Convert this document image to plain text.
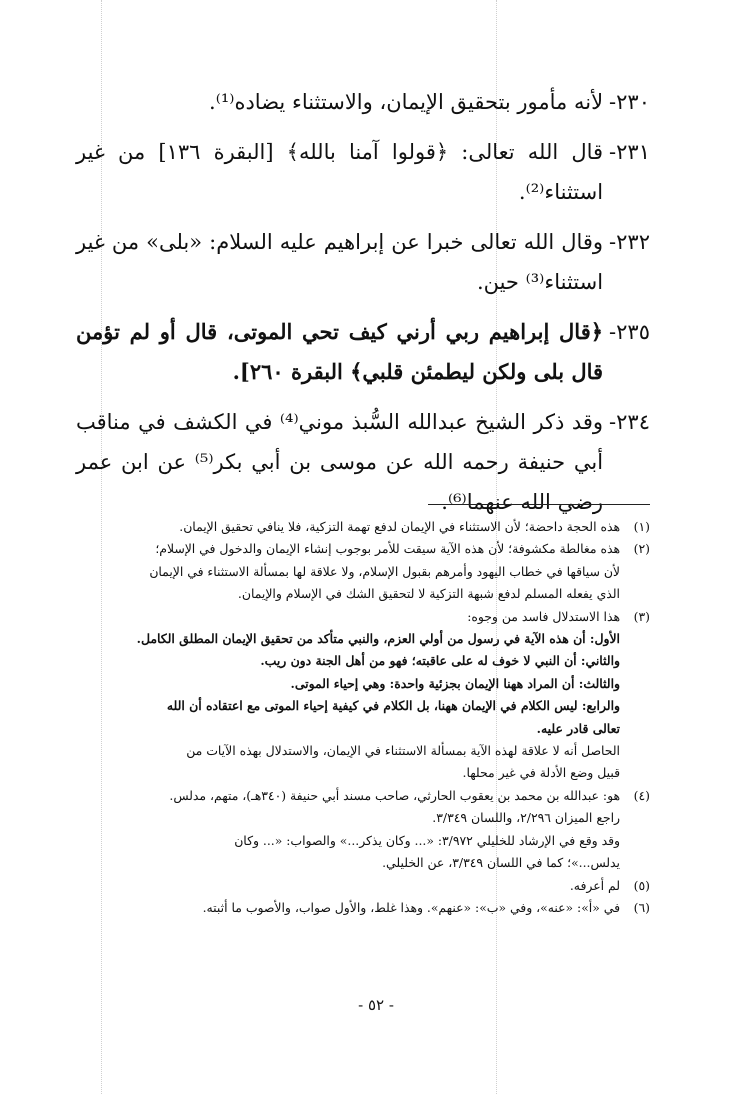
٢٣٠-
لأنه مأمور بتحقيق الإيمان، والاستثناء يضاده⁽¹⁾.
٢٣١-
قال الله تعالى: ﴿قولوا آمنا بالله﴾ [البقرة ١٣٦] من غير استثناء⁽²⁾.
٢٣٢-
وقال الله تعالى خبرا عن إبراهيم عليه السلام: «بلى» من غير استثناء⁽³⁾ حين.
٢٣٥-
﴿قال إبراهيم ربي أرني كيف تحي الموتى، قال أو لم تؤمن قال بلى ولكن ليطمئن قلبي﴾ البقرة ٢٦٠].
٢٣٤-
وقد ذكر الشيخ عبدالله السُّبذ موني⁽⁴⁾ في الكشف في مناقب أبي حنيفة رحمه الله عن موسى بن أبي بكر⁽⁵⁾ عن ابن عمر رضي الله عنهما⁽⁶⁾.
(١)
هذه الحجة داحضة؛ لأن الاستثناء في الإيمان لدفع تهمة التزكية، فلا ينافي تحقيق الإيمان.
(٢)
هذه مغالطة مكشوفة؛ لأن هذه الآية سيقت للأمر بوجوب إنشاء الإيمان والدخول في الإسلام؛
لأن سياقها في خطاب اليهود وأمرهم بقبول الإسلام، ولا علاقة لها بمسألة الاستثناء في الإيمان
الذي يفعله المسلم لدفع شبهة التزكية لا لتحقيق الشك في الإسلام والإيمان.
(٣)
هذا الاستدلال فاسد من وجوه:
الأول: أن هذه الآية في رسول من أولي العزم، والنبي متأكد من تحقيق الإيمان المطلق الكامل.
والثاني: أن النبي لا خوف له على عاقبته؛ فهو من أهل الجنة دون ريب.
والثالث: أن المراد ههنا الإيمان بجزئية واحدة: وهي إحياء الموتى.
والرابع: ليس الكلام في الإيمان ههنا، بل الكلام في كيفية إحياء الموتى مع اعتقاده أن الله
تعالى قادر عليه.
الحاصل أنه لا علاقة لهذه الآية بمسألة الاستثناء في الإيمان، والاستدلال بهذه الآيات من
قبيل وضع الأدلة في غير محلها.
(٤)
هو: عبدالله بن محمد بن يعقوب الحارثي، صاحب مسند أبي حنيفة (٣٤٠هـ)، متهم، مدلس.
راجع الميزان ٢/٢٩٦، واللسان ٣/٣٤٩.
وقد وقع في الإرشاد للخليلي ٣/٩٧٢: «... وكان يذكر...» والصواب: «... وكان
يدلس...»؛ كما في اللسان ٣/٣٤٩، عن الخليلي.
(٥)
لم أعرفه.
(٦)
في «أ»: «عنه»، وفي «ب»: «عنهم». وهذا غلط، والأول صواب، والأصوب ما أثبته.
- ٥٢ -
